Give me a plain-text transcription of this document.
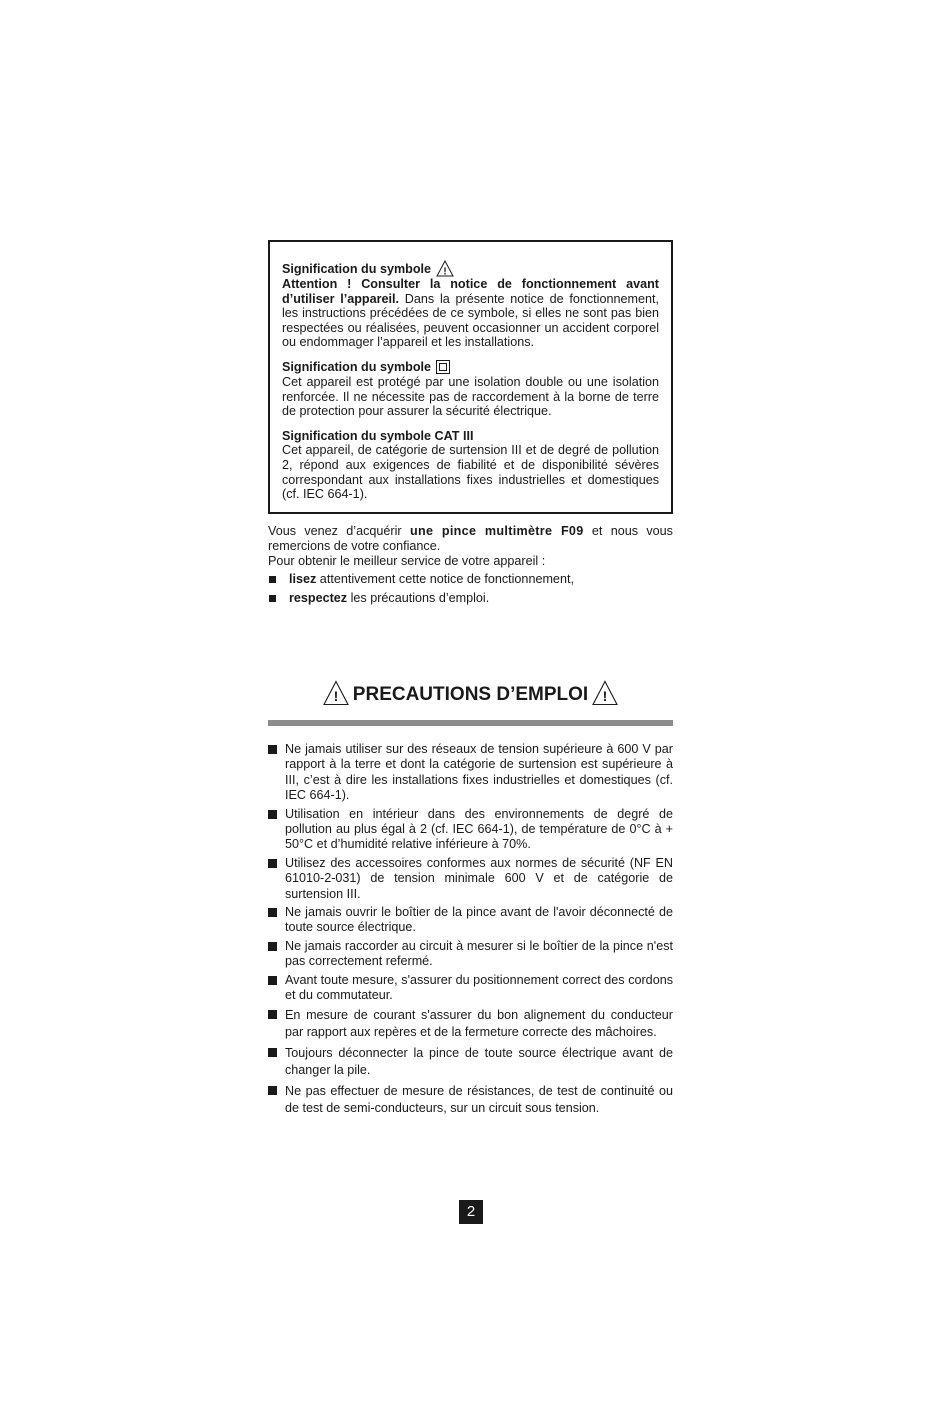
Signification du symbole !
Attention ! Consulter la notice de fonctionnement avant d’utiliser l’appareil. Dans la présente notice de fonctionnement, les instructions précédées de ce symbole, si elles ne sont pas bien respectées ou réalisées, peuvent occasionner un accident corporel ou endommager l’appareil et les installations.
Signification du symbole
Cet appareil est protégé par une isolation double ou une isolation renforcée. Il ne nécessite pas de raccordement à la borne de terre de protection pour assurer la sécurité électrique.
Signification du symbole CAT III
Cet appareil, de catégorie de surtension III et de degré de pollution 2, répond aux exigences de fiabilité et de disponibilité sévères correspondant aux installations fixes industrielles et domestiques (cf. IEC 664-1).

Vous venez d’acquérir une pince multimètre F09 et nous vous remercions de votre confiance.

Pour obtenir le meilleur service de votre appareil :

lisez attentivement cette notice de fonctionnement,
respectez les précautions d’emploi.
! PRECAUTIONS D’EMPLOI !
Ne jamais utiliser sur des réseaux de tension supérieure à 600 V par rapport à la terre et dont la catégorie de surtension est supérieure à III, c’est à dire les installations fixes industrielles et domestiques (cf. IEC 664-1).
Utilisation en intérieur dans des environnements de degré de pollution au plus égal à 2 (cf. IEC 664-1), de température de 0°C à + 50°C et d’humidité relative inférieure à 70%.
Utilisez des accessoires conformes aux normes de sécurité (NF EN 61010-2-031) de tension minimale 600 V et de catégorie de surtension III.
Ne jamais ouvrir le boîtier de la pince avant de l'avoir déconnecté de toute source électrique.
Ne jamais raccorder au circuit à mesurer si le boîtier de la pince n'est pas correctement refermé.
Avant toute mesure, s'assurer du positionnement correct des cordons et du commutateur.
En mesure de courant s'assurer du bon alignement du conducteur par rapport aux repères et de la fermeture correcte des mâchoires.
Toujours déconnecter la pince de toute source électrique avant de changer la pile.
Ne pas effectuer de mesure de résistances, de test de continuité ou de test de semi-conducteurs, sur un circuit sous tension.
2
